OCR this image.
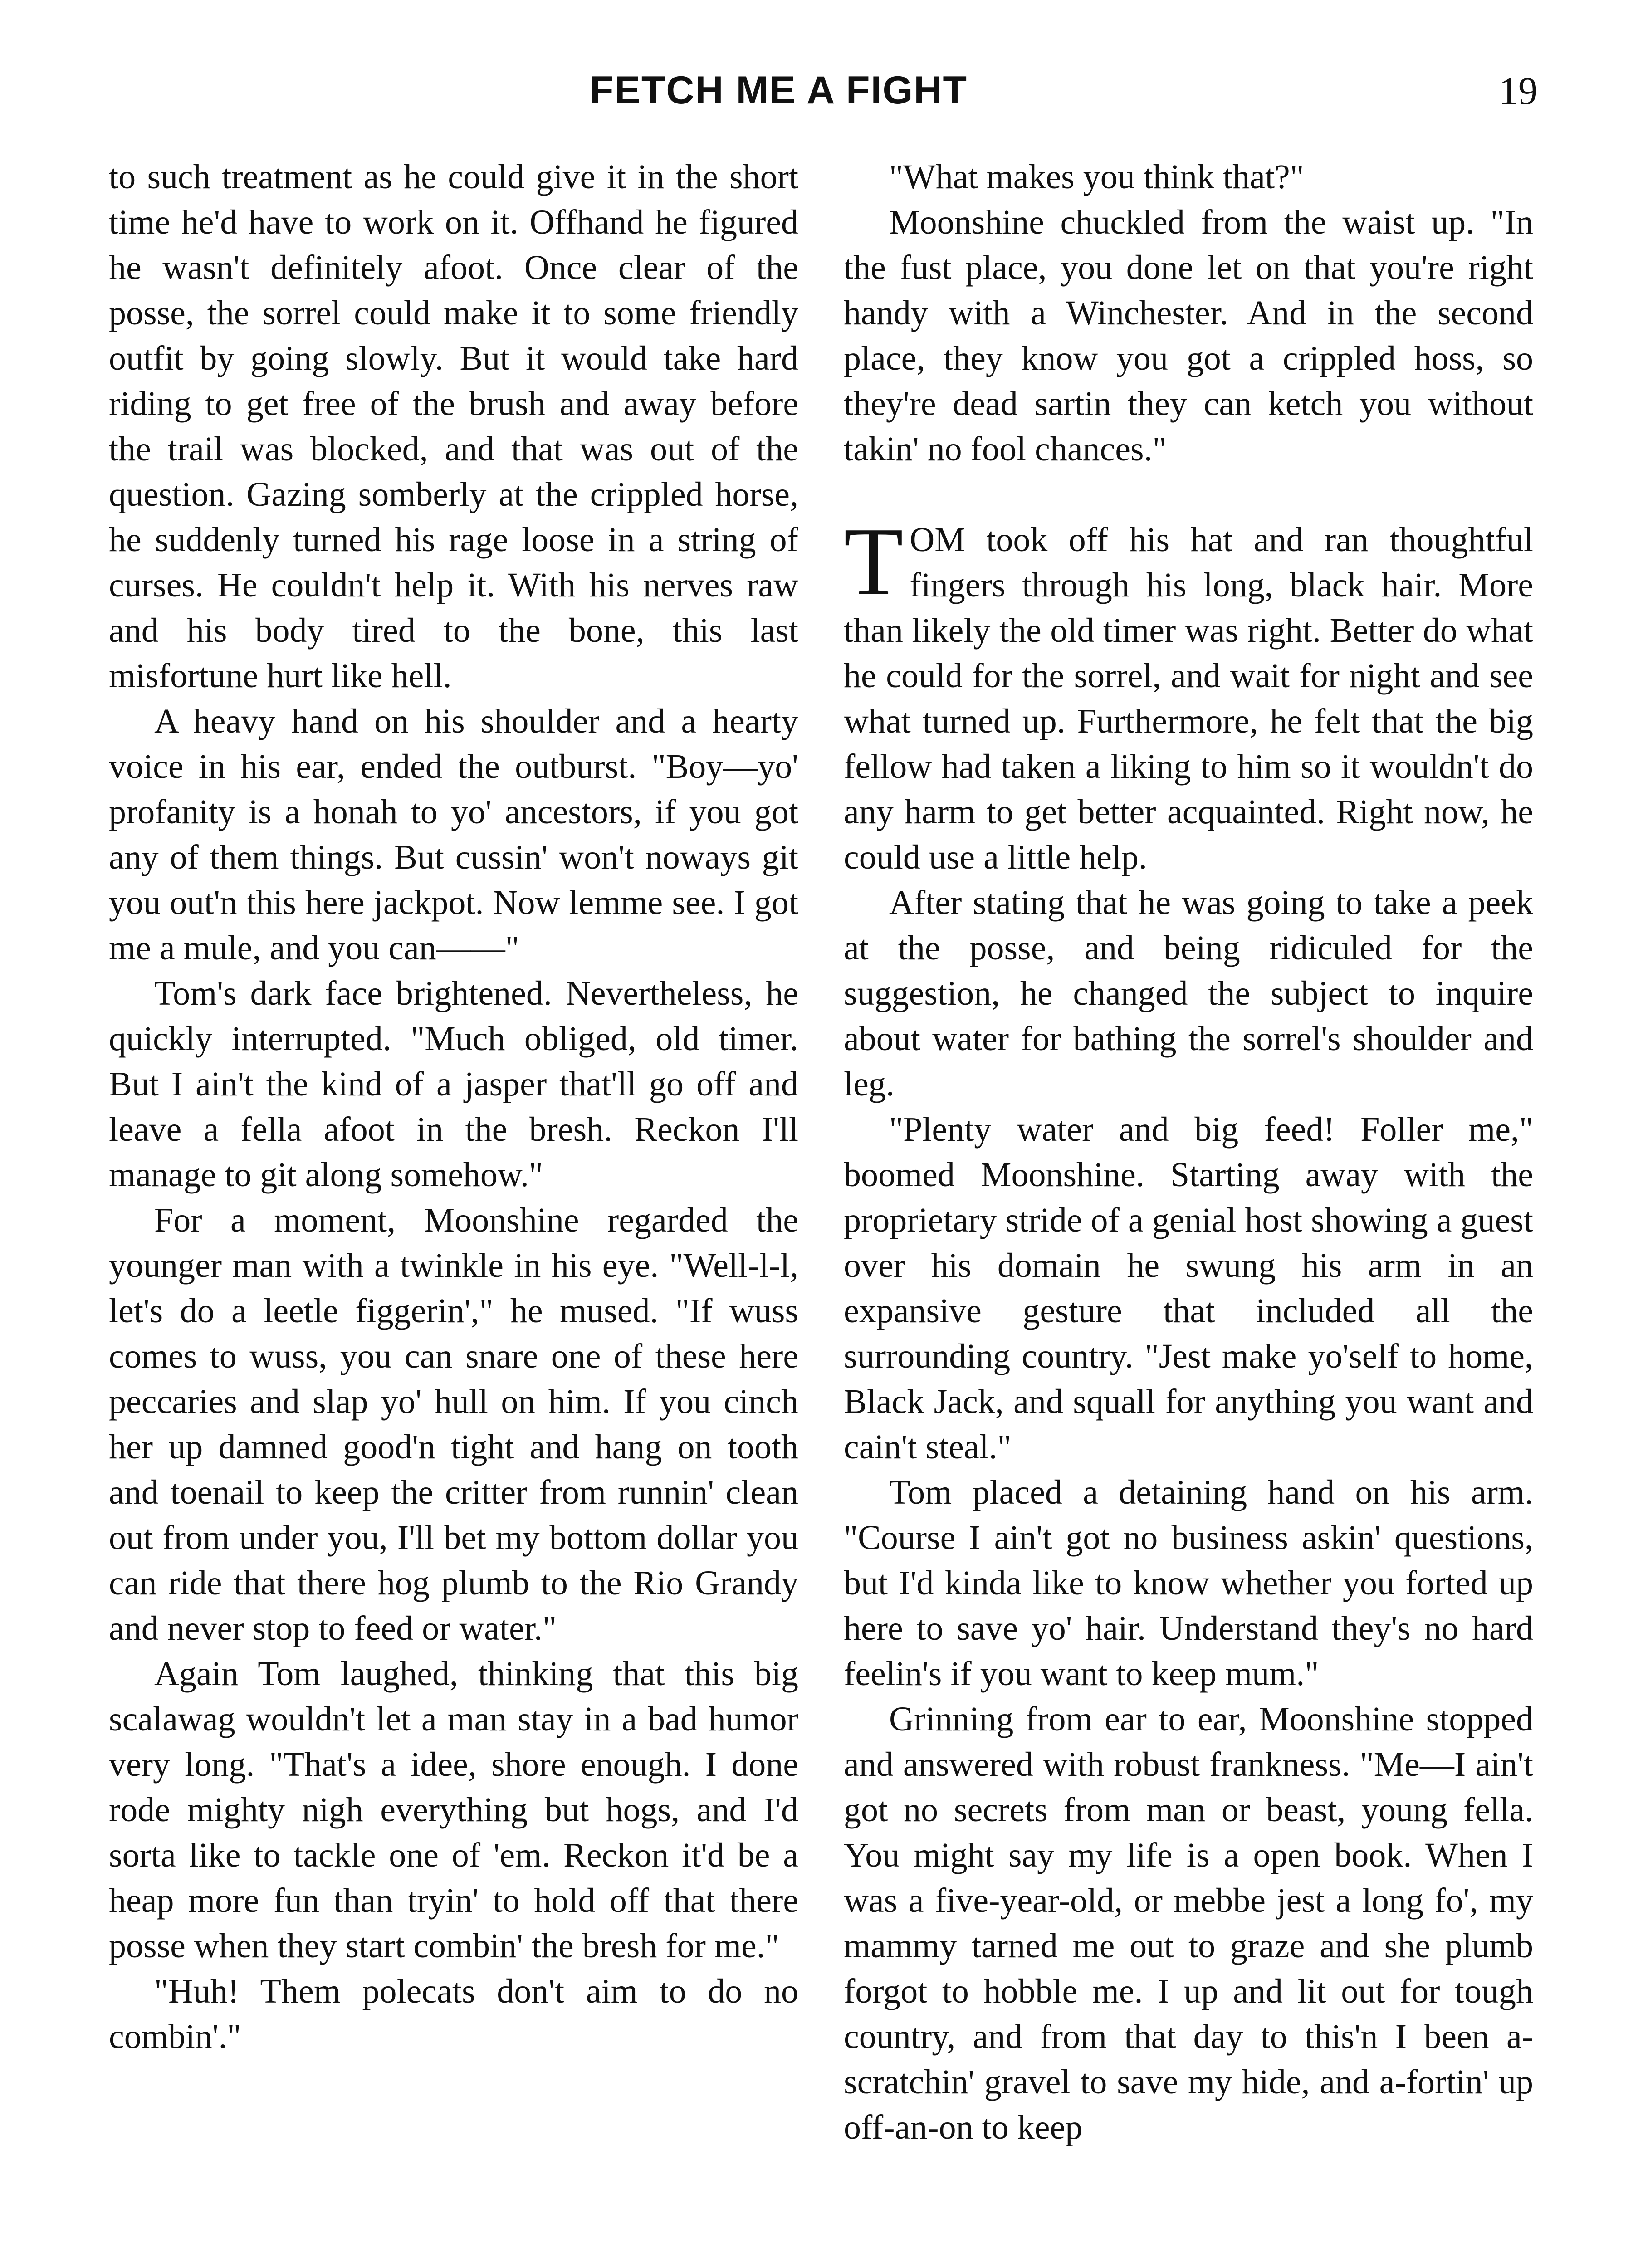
FETCH ME A FIGHT	19

to such treatment as he could give it in the short time he'd have to work on it. Offhand he figured he wasn't definitely afoot. Once clear of the posse, the sorrel could make it to some friendly outfit by going slowly. But it would take hard riding to get free of the brush and away before the trail was blocked, and that was out of the question. Gazing somberly at the crippled horse, he suddenly turned his rage loose in a string of curses. He couldn't help it. With his nerves raw and his body tired to the bone, this last misfortune hurt like hell.

A heavy hand on his shoulder and a hearty voice in his ear, ended the outburst. "Boy—yo' profanity is a honah to yo' ancestors, if you got any of them things. But cussin' won't noways git you out'n this here jackpot. Now lemme see. I got me a mule, and you can——"

Tom's dark face brightened. Nevertheless, he quickly interrupted. "Much obliged, old timer. But I ain't the kind of a jasper that'll go off and leave a fella afoot in the bresh. Reckon I'll manage to git along somehow."

For a moment, Moonshine regarded the younger man with a twinkle in his eye. "Well-l-l, let's do a leetle figgerin'," he mused. "If wuss comes to wuss, you can snare one of these here peccaries and slap yo' hull on him. If you cinch her up damned good'n tight and hang on tooth and toenail to keep the critter from runnin' clean out from under you, I'll bet my bottom dollar you can ride that there hog plumb to the Rio Grandy and never stop to feed or water."

Again Tom laughed, thinking that this big scalawag wouldn't let a man stay in a bad humor very long. "That's a idee, shore enough. I done rode mighty nigh everything but hogs, and I'd sorta like to tackle one of 'em. Reckon it'd be a heap more fun than tryin' to hold off that there posse when they start combin' the bresh for me."

"Huh! Them polecats don't aim to do no combin'."

"What makes you think that?"

Moonshine chuckled from the waist up. "In the fust place, you done let on that you're right handy with a Winchester. And in the second place, they know you got a crippled hoss, so they're dead sartin they can ketch you without takin' no fool chances."

TOM took off his hat and ran thoughtful fingers through his long, black hair. More than likely the old timer was right. Better do what he could for the sorrel, and wait for night and see what turned up. Furthermore, he felt that the big fellow had taken a liking to him so it wouldn't do any harm to get better acquainted. Right now, he could use a little help.

After stating that he was going to take a peek at the posse, and being ridiculed for the suggestion, he changed the subject to inquire about water for bathing the sorrel's shoulder and leg.

"Plenty water and big feed! Foller me," boomed Moonshine. Starting away with the proprietary stride of a genial host showing a guest over his domain he swung his arm in an expansive gesture that included all the surrounding country. "Jest make yo'self to home, Black Jack, and squall for anything you want and cain't steal."

Tom placed a detaining hand on his arm. "Course I ain't got no business askin' questions, but I'd kinda like to know whether you forted up here to save yo' hair. Understand they's no hard feelin's if you want to keep mum."

Grinning from ear to ear, Moonshine stopped and answered with robust frankness. "Me—I ain't got no secrets from man or beast, young fella. You might say my life is a open book. When I was a five-year-old, or mebbe jest a long fo', my mammy tarned me out to graze and she plumb forgot to hobble me. I up and lit out for tough country, and from that day to this'n I been a-scratchin' gravel to save my hide, and a-fortin' up off-an-on to keep
